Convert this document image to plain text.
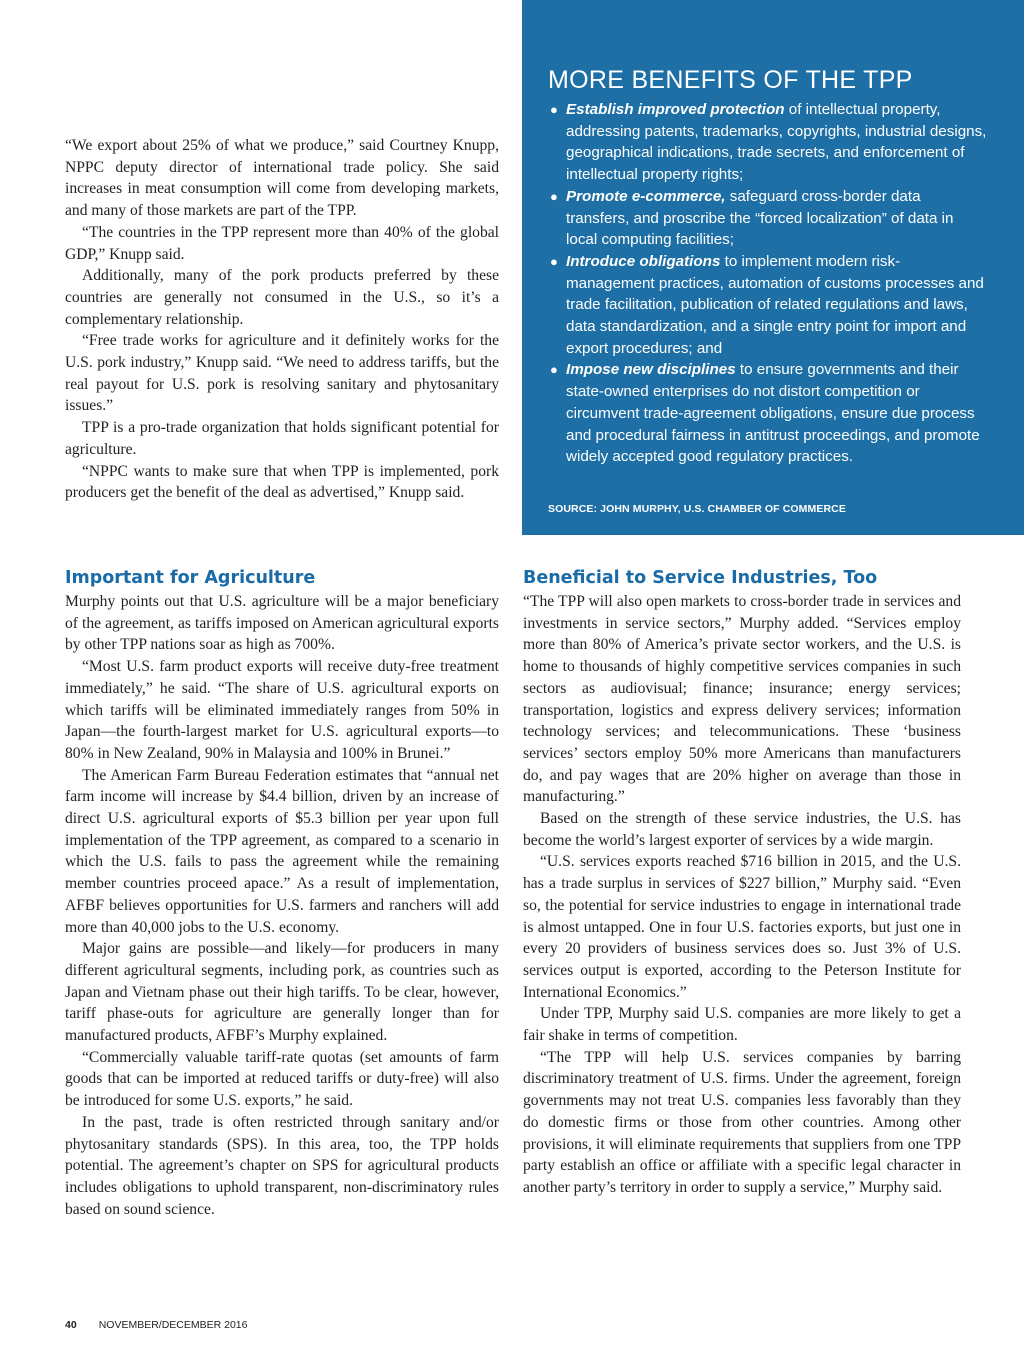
MORE BENEFITS OF THE TPP
● Establish improved protection of intellectual property, addressing patents, trademarks, copyrights, industrial designs, geographical indications, trade secrets, and enforcement of intellectual property rights;
● Promote e-commerce, safeguard cross-border data transfers, and proscribe the “forced localization” of data in local computing facilities;
● Introduce obligations to implement modern risk-management practices, automation of customs processes and trade facilitation, publication of related regulations and laws, data standardization, and a single entry point for import and export procedures; and
● Impose new disciplines to ensure governments and their state-owned enterprises do not distort competition or circumvent trade-agreement obligations, ensure due process and procedural fairness in antitrust proceedings, and promote widely accepted good regulatory practices.
SOURCE: JOHN MURPHY, U.S. CHAMBER OF COMMERCE

“We export about 25% of what we produce,” said Courtney Knupp, NPPC deputy director of international trade policy. She said increases in meat consumption will come from developing markets, and many of those markets are part of the TPP.

“The countries in the TPP represent more than 40% of the global GDP,” Knupp said.

Additionally, many of the pork products preferred by these countries are generally not consumed in the U.S., so it’s a complementary relationship.

“Free trade works for agriculture and it definitely works for the U.S. pork industry,” Knupp said. “We need to address tariffs, but the real payout for U.S. pork is resolving sanitary and phytosanitary issues.”

TPP is a pro-trade organization that holds significant potential for agriculture.

“NPPC wants to make sure that when TPP is implemented, pork producers get the benefit of the deal as advertised,” Knupp said.

Important for Agriculture

Murphy points out that U.S. agriculture will be a major beneficiary of the agreement, as tariffs imposed on American agricultural exports by other TPP nations soar as high as 700%.

“Most U.S. farm product exports will receive duty-free treatment immediately,” he said. “The share of U.S. agricultural exports on which tariffs will be eliminated immediately ranges from 50% in Japan—the fourth-largest market for U.S. agricultural exports—to 80% in New Zealand, 90% in Malaysia and 100% in Brunei.”

The American Farm Bureau Federation estimates that “annual net farm income will increase by $4.4 billion, driven by an increase of direct U.S. agricultural exports of $5.3 billion per year upon full implementation of the TPP agreement, as compared to a scenario in which the U.S. fails to pass the agreement while the remaining member countries proceed apace.” As a result of implementation, AFBF believes opportunities for U.S. farmers and ranchers will add more than 40,000 jobs to the U.S. economy.

Major gains are possible—and likely—for producers in many different agricultural segments, including pork, as countries such as Japan and Vietnam phase out their high tariffs. To be clear, however, tariff phase-outs for agriculture are generally longer than for manufactured products, AFBF’s Murphy explained.

“Commercially valuable tariff-rate quotas (set amounts of farm goods that can be imported at reduced tariffs or duty-free) will also be introduced for some U.S. exports,” he said.

In the past, trade is often restricted through sanitary and/or phytosanitary standards (SPS). In this area, too, the TPP holds potential. The agreement’s chapter on SPS for agricultural products includes obligations to uphold transparent, non-discriminatory rules based on sound science.

Beneficial to Service Industries, Too

“The TPP will also open markets to cross-border trade in services and investments in service sectors,” Murphy added. “Services employ more than 80% of America’s private sector workers, and the U.S. is home to thousands of highly competitive services companies in such sectors as audiovisual; finance; insurance; energy services; transportation, logistics and express delivery services; information technology services; and telecommunications. These ‘business services’ sectors employ 50% more Americans than manufacturers do, and pay wages that are 20% higher on average than those in manufacturing.”

Based on the strength of these service industries, the U.S. has become the world’s largest exporter of services by a wide margin.

“U.S. services exports reached $716 billion in 2015, and the U.S. has a trade surplus in services of $227 billion,” Murphy said. “Even so, the potential for service industries to engage in international trade is almost untapped. One in four U.S. factories exports, but just one in every 20 providers of business services does so. Just 3% of U.S. services output is exported, according to the Peterson Institute for International Economics.”

Under TPP, Murphy said U.S. companies are more likely to get a fair shake in terms of competition.

“The TPP will help U.S. services companies by barring discriminatory treatment of U.S. firms. Under the agreement, foreign governments may not treat U.S. companies less favorably than they do domestic firms or those from other countries. Among other provisions, it will eliminate requirements that suppliers from one TPP party establish an office or affiliate with a specific legal character in another party’s territory in order to supply a service,” Murphy said.

40 NOVEMBER/DECEMBER 2016
